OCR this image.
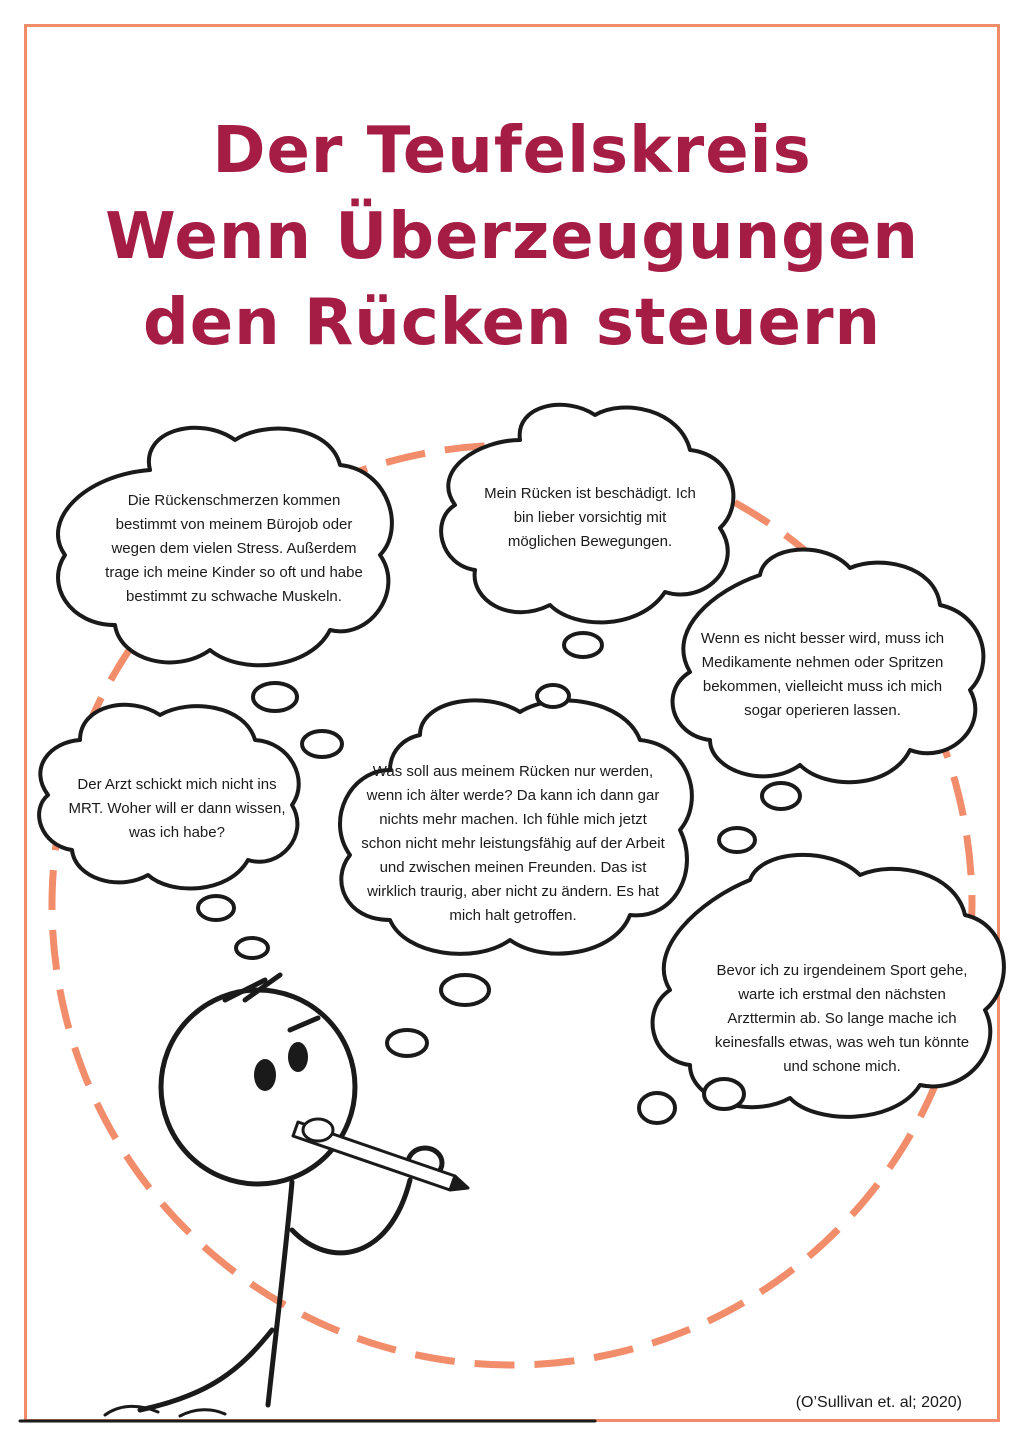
Der Teufelskreis
Wenn Überzeugungen
den Rücken steuern

Die Rückenschmerzen kommen bestimmt von meinem Bürojob oder wegen dem vielen Stress. Außerdem trage ich meine Kinder so oft und habe bestimmt zu schwache Muskeln.

Mein Rücken ist beschädigt. Ich bin lieber vorsichtig mit möglichen Bewegungen.

Wenn es nicht besser wird, muss ich Medikamente nehmen oder Spritzen bekommen, vielleicht muss ich mich sogar operieren lassen.

Der Arzt schickt mich nicht ins MRT. Woher will er dann wissen, was ich habe?

Was soll aus meinem Rücken nur werden, wenn ich älter werde? Da kann ich dann gar nichts mehr machen. Ich fühle mich jetzt schon nicht mehr leistungsfähig auf der Arbeit und zwischen meinen Freunden. Das ist wirklich traurig, aber nicht zu ändern. Es hat mich halt getroffen.

Bevor ich zu irgendeinem Sport gehe, warte ich erstmal den nächsten Arzttermin ab. So lange mache ich keinesfalls etwas, was weh tun könnte und schone mich.

(O’Sullivan et. al; 2020)
